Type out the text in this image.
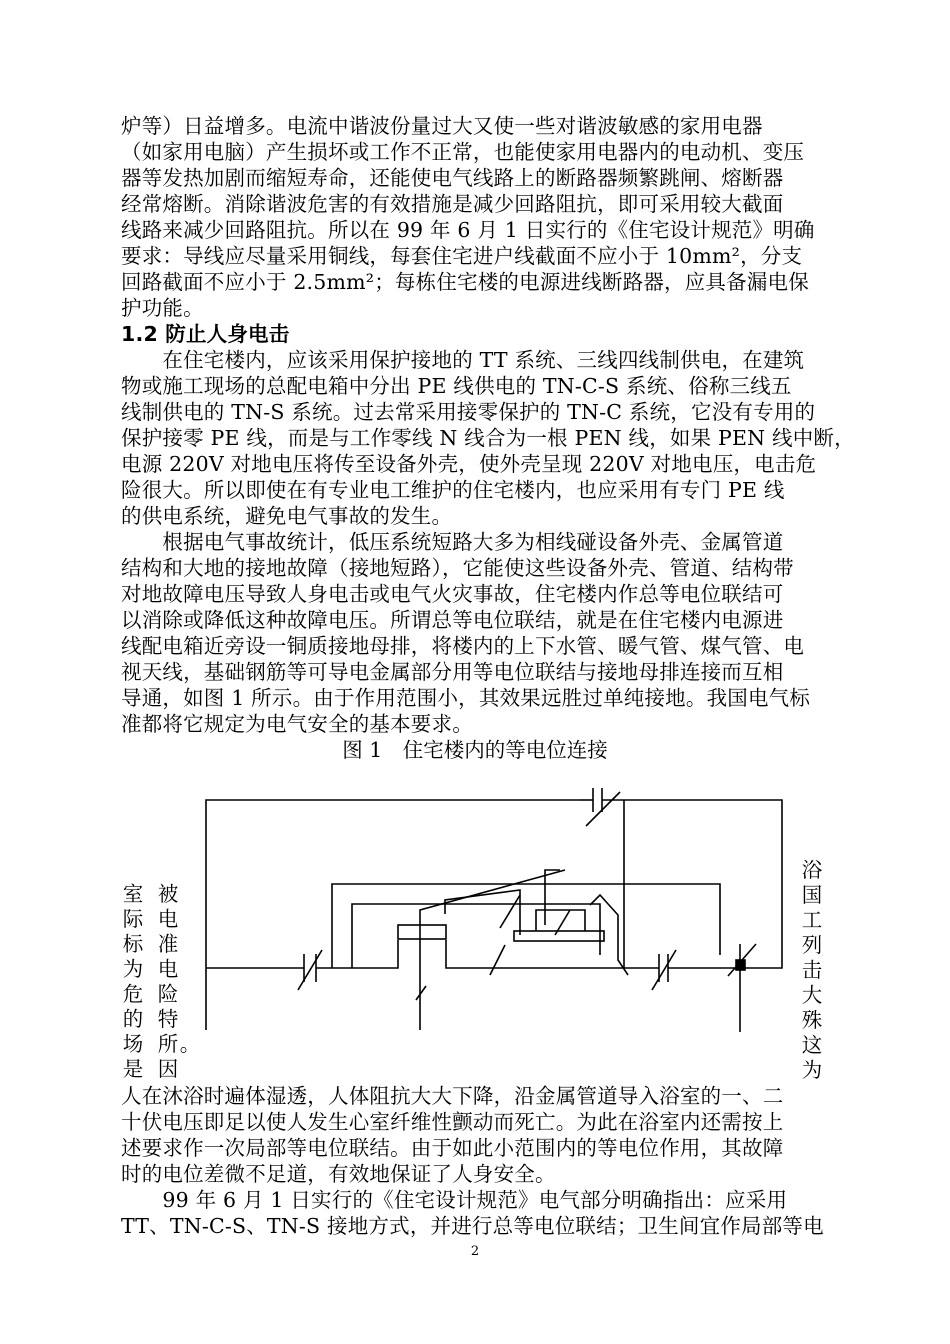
炉等）日益增多。电流中谐波份量过大又使一些对谐波敏感的家用电器
（如家用电脑）产生损坏或工作不正常，也能使家用电器内的电动机、变压
器等发热加剧而缩短寿命，还能使电气线路上的断路器频繁跳闸、熔断器
经常熔断。消除谐波危害的有效措施是减少回路阻抗，即可采用较大截面
线路来减少回路阻抗。所以在 99 年 6 月 1 日实行的《住宅设计规范》明确
要求：导线应尽量采用铜线，每套住宅进户线截面不应小于 10mm²，分支
回路截面不应小于 2.5mm²；每栋住宅楼的电源进线断路器，应具备漏电保
护功能。
1.2 防止人身电击
　　在住宅楼内，应该采用保护接地的 TT 系统、三线四线制供电，在建筑
物或施工现场的总配电箱中分出 PE 线供电的 TN-C-S 系统、俗称三线五
线制供电的 TN-S 系统。过去常采用接零保护的 TN-C 系统，它没有专用的
保护接零 PE 线，而是与工作零线 N 线合为一根 PEN 线，如果 PEN 线中断，
电源 220V 对地电压将传至设备外壳，使外壳呈现 220V 对地电压，电击危
险很大。所以即使在有专业电工维护的住宅楼内，也应采用有专门 PE 线
的供电系统，避免电气事故的发生。
　　根据电气事故统计，低压系统短路大多为相线碰设备外壳、金属管道
结构和大地的接地故障（接地短路），它能使这些设备外壳、管道、结构带
对地故障电压导致人身电击或电气火灾事故，住宅楼内作总等电位联结可
以消除或降低这种故障电压。所谓总等电位联结，就是在住宅楼内电源进
线配电箱近旁设一铜质接地母排，将楼内的上下水管、暖气管、煤气管、电
视天线，基础钢筋等可导电金属部分用等电位联结与接地母排连接而互相
导通，如图 1 所示。由于作用范围小，其效果远胜过单纯接地。我国电气标
准都将它规定为电气安全的基本要求。
图 1　住宅楼内的等电位连接
室
际
标
为
危
的
场
是
被
电
准
电
险
特
所
因
。
浴
国
工
列
击
大
殊
这
为
人在沐浴时遍体湿透，人体阻抗大大下降，沿金属管道导入浴室的一、二
十伏电压即足以使人发生心室纤维性颤动而死亡。为此在浴室内还需按上
述要求作一次局部等电位联结。由于如此小范围内的等电位作用，其故障
时的电位差微不足道，有效地保证了人身安全。
　　99 年 6 月 1 日实行的《住宅设计规范》电气部分明确指出：应采用
TT、TN-C-S、TN-S 接地方式，并进行总等电位联结；卫生间宜作局部等电
2
